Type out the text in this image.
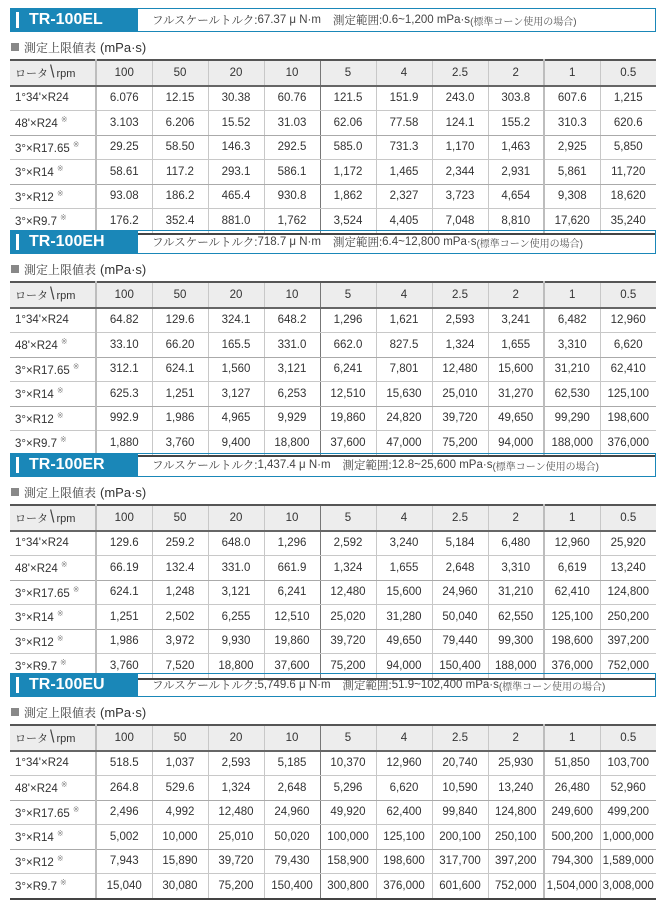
TR-100EL	フルスケールトルク: 67.37 μ N·m 測定範囲: 0.6~1,200 mPa·s (標準コーン使用の場合)
測定上限値表 (mPa·s)
ロータ \ rpm	100	50	20	10	5	4	2.5	2	1	0.5
1°34'×R24	6.076	12.15	30.38	60.76	121.5	151.9	243.0	303.8	607.6	1,215
48'×R24 ※	3.103	6.206	15.52	31.03	62.06	77.58	124.1	155.2	310.3	620.6
3°×R17.65 ※	29.25	58.50	146.3	292.5	585.0	731.3	1,170	1,463	2,925	5,850
3°×R14 ※	58.61	117.2	293.1	586.1	1,172	1,465	2,344	2,931	5,861	11,720
3°×R12 ※	93.08	186.2	465.4	930.8	1,862	2,327	3,723	4,654	9,308	18,620
3°×R9.7 ※	176.2	352.4	881.0	1,762	3,524	4,405	7,048	8,810	17,620	35,240
TR-100EH	フルスケールトルク: 718.7 μ N·m 測定範囲: 6.4~12,800 mPa·s (標準コーン使用の場合)
測定上限値表 (mPa·s)
ロータ \ rpm	100	50	20	10	5	4	2.5	2	1	0.5
1°34'×R24	64.82	129.6	324.1	648.2	1,296	1,621	2,593	3,241	6,482	12,960
48'×R24 ※	33.10	66.20	165.5	331.0	662.0	827.5	1,324	1,655	3,310	6,620
3°×R17.65 ※	312.1	624.1	1,560	3,121	6,241	7,801	12,480	15,600	31,210	62,410
3°×R14 ※	625.3	1,251	3,127	6,253	12,510	15,630	25,010	31,270	62,530	125,100
3°×R12 ※	992.9	1,986	4,965	9,929	19,860	24,820	39,720	49,650	99,290	198,600
3°×R9.7 ※	1,880	3,760	9,400	18,800	37,600	47,000	75,200	94,000	188,000	376,000
TR-100ER	フルスケールトルク: 1,437.4 μ N·m 測定範囲: 12.8~25,600 mPa·s (標準コーン使用の場合)
測定上限値表 (mPa·s)
ロータ \ rpm	100	50	20	10	5	4	2.5	2	1	0.5
1°34'×R24	129.6	259.2	648.0	1,296	2,592	3,240	5,184	6,480	12,960	25,920
48'×R24 ※	66.19	132.4	331.0	661.9	1,324	1,655	2,648	3,310	6,619	13,240
3°×R17.65 ※	624.1	1,248	3,121	6,241	12,480	15,600	24,960	31,210	62,410	124,800
3°×R14 ※	1,251	2,502	6,255	12,510	25,020	31,280	50,040	62,550	125,100	250,200
3°×R12 ※	1,986	3,972	9,930	19,860	39,720	49,650	79,440	99,300	198,600	397,200
3°×R9.7 ※	3,760	7,520	18,800	37,600	75,200	94,000	150,400	188,000	376,000	752,000
TR-100EU	フルスケールトルク: 5,749.6 μ N·m 測定範囲: 51.9~102,400 mPa·s (標準コーン使用の場合)
測定上限値表 (mPa·s)
ロータ \ rpm	100	50	20	10	5	4	2.5	2	1	0.5
1°34'×R24	518.5	1,037	2,593	5,185	10,370	12,960	20,740	25,930	51,850	103,700
48'×R24 ※	264.8	529.6	1,324	2,648	5,296	6,620	10,590	13,240	26,480	52,960
3°×R17.65 ※	2,496	4,992	12,480	24,960	49,920	62,400	99,840	124,800	249,600	499,200
3°×R14 ※	5,002	10,000	25,010	50,020	100,000	125,100	200,100	250,100	500,200	1,000,000
3°×R12 ※	7,943	15,890	39,720	79,430	158,900	198,600	317,700	397,200	794,300	1,589,000
3°×R9.7 ※	15,040	30,080	75,200	150,400	300,800	376,000	601,600	752,000	1,504,000	3,008,000
